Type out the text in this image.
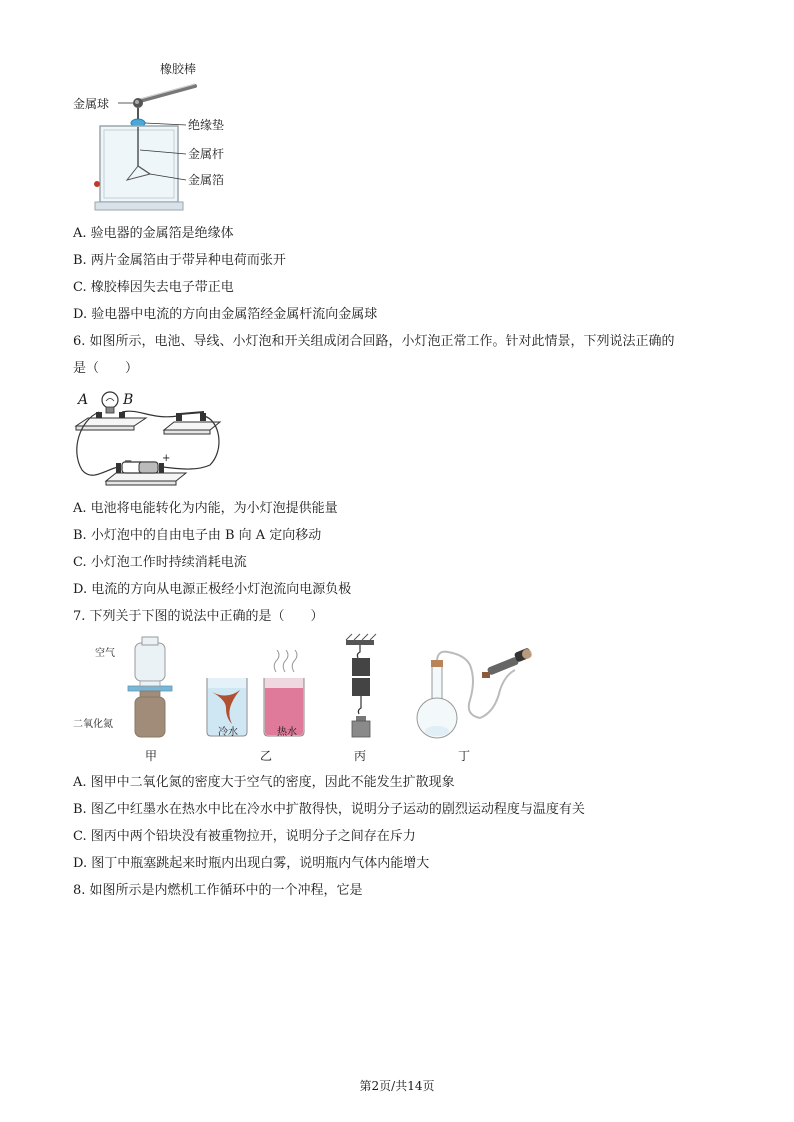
橡胶棒
金属球
绝缘垫
金属杆
金属箔
A. 验电器的金属箔是绝缘体
B. 两片金属箔由于带异种电荷而张开
C. 橡胶棒因失去电子带正电
D. 验电器中电流的方向由金属箔经金属杆流向金属球
6. 如图所示，电池、导线、小灯泡和开关组成闭合回路，小灯泡正常工作。针对此情景，下列说法正确的
是（　　）
A B
−	+
A. 电池将电能转化为内能，为小灯泡提供能量
B. 小灯泡中的自由电子由 B 向 A 定向移动
C. 小灯泡工作时持续消耗电流
D. 电流的方向从电源正极经小灯泡流向电源负极
7. 下列关于下图的说法中正确的是（　　）
空气
二氧化氮
冷水	热水
甲	乙	丙	丁
A. 图甲中二氧化氮的密度大于空气的密度，因此不能发生扩散现象
B. 图乙中红墨水在热水中比在冷水中扩散得快，说明分子运动的剧烈运动程度与温度有关
C. 图丙中两个铅块没有被重物拉开，说明分子之间存在斥力
D. 图丁中瓶塞跳起来时瓶内出现白雾，说明瓶内气体内能增大
8. 如图所示是内燃机工作循环中的一个冲程，它是
第2页/共14页
